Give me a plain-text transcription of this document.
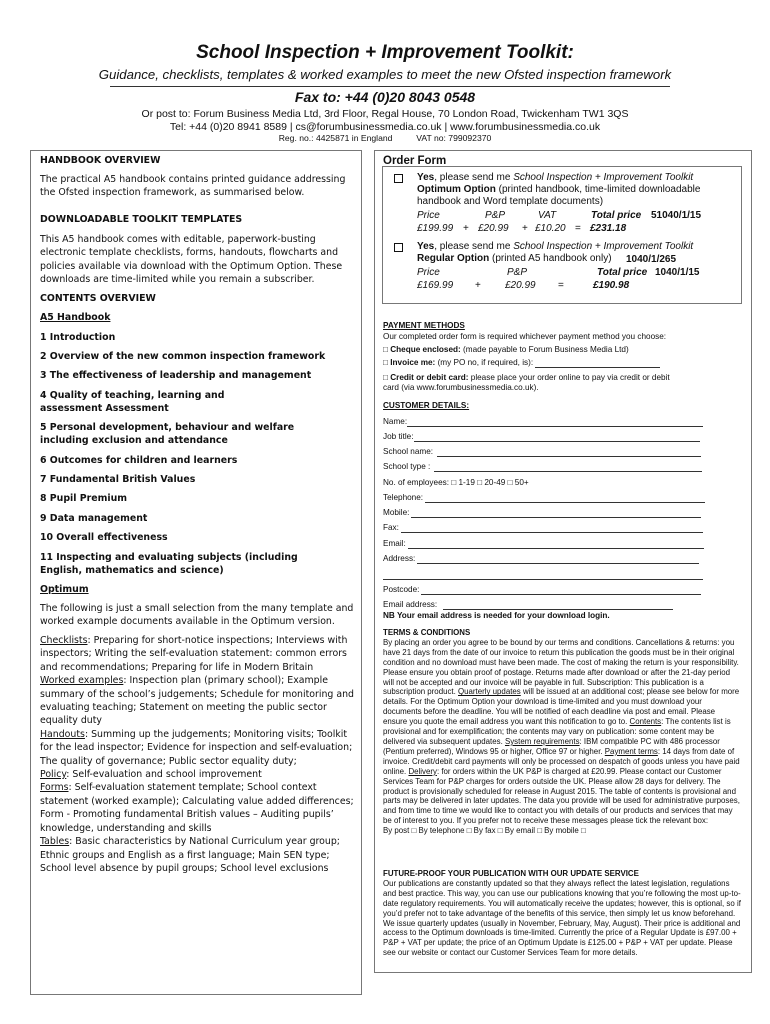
School Inspection + Improvement Toolkit:
Guidance, checklists, templates & worked examples to meet the new Ofsted inspection framework
Fax to: +44 (0)20 8043 0548
Or post to: Forum Business Media Ltd, 3rd Floor, Regal House, 70 London Road, Twickenham TW1 3QS
Tel: +44 (0)20 8941 8589 | cs@forumbusinessmedia.co.uk | www.forumbusinessmedia.co.uk
Reg. no.: 4425871 in England          VAT no: 799092370
HANDBOOK OVERVIEW
The practical A5 handbook contains printed guidance addressing the Ofsted inspection framework, as summarised below.
DOWNLOADABLE TOOLKIT TEMPLATES
This A5 handbook comes with editable, paperwork-busting electronic template checklists, forms, handouts, flowcharts and policies available via download with the Optimum Option. These downloads are time-limited while you remain a subscriber.
CONTENTS OVERVIEW
A5 Handbook
1 Introduction
2 Overview of the new common inspection framework
3 The effectiveness of leadership and management
4 Quality of teaching, learning and assessment Assessment
5 Personal development, behaviour and welfare including exclusion and attendance
6 Outcomes for children and learners
7 Fundamental British Values
8 Pupil Premium
9 Data management
10 Overall effectiveness
11 Inspecting and evaluating subjects (including English, mathematics and science)
Optimum
The following is just a small selection from the many template and worked example documents available in the Optimum version.

Checklists: Preparing for short-notice inspections; Interviews with inspectors; Writing the self-evaluation statement: common errors and recommendations; Preparing for life in Modern Britain

Worked examples: Inspection plan (primary school); Example summary of the school’s judgements; Schedule for monitoring and evaluating teaching; Statement on meeting the public sector equality duty

Handouts: Summing up the judgements; Monitoring visits; Toolkit for the lead inspector; Evidence for inspection and self-evaluation; The quality of governance; Public sector equality duty;

Policy: Self-evaluation and school improvement

Forms: Self-evaluation statement template; School context statement (worked example); Calculating value added differences; Form - Promoting fundamental British values – Auditing pupils’ knowledge, understanding and skills

Tables: Basic characteristics by National Curriculum year group; Ethnic groups and English as a first language; Main SEN type; School level absence by pupil groups; School level exclusions

Order Form
Yes, please send me School Inspection + Improvement Toolkit Optimum Option (printed handbook, time-limited downloadable handbook and Word template documents)
Price	P&P	VAT	Total price 51040/1/15
£199.99 + £20.99 + £10.20 = £231.18
Yes, please send me School Inspection + Improvement Toolkit Regular Option (printed A5 handbook only)	1040/1/265
Price	P&P	Total price 1040/1/15
£169.99 + £20.99 =	£190.98
PAYMENT METHODS
Our completed order form is required whichever payment method you choose:
□ Cheque enclosed: (made payable to Forum Business Media Ltd)
□ Invoice me: (my PO no, if required, is):
□ Credit or debit card: please place your order online to pay via credit or debit card (via www.forumbusinessmedia.co.uk).
CUSTOMER DETAILS:
Name:
Job title:
School name:
School type :
No. of employees: □ 1-19 □ 20-49 □ 50+
Telephone:
Mobile:
Fax:
Email:
Address:
Postcode:
Email address:
NB Your email address is needed for your download login.
TERMS & CONDITIONS
By placing an order you agree to be bound by our terms and conditions. Cancellations & returns: you have 21 days from the date of our invoice to return this publication the goods must be in their original condition and no download must have been made. The cost of making the return is your responsibility. Please ensure you obtain proof of postage. Returns made after download or after the 21-day period will not be accepted and our invoice will be payable in full. Subscription: This publication is a subscription product. Quarterly updates will be issued at an additional cost; please see below for more details. For the Optimum Option your download is time-limited and you must download your documents before the deadline. You will be notified of each deadline via post and email. Please ensure you quote the email address you want this notification to go to. Contents: The contents list is provisional and for exemplification; the contents may vary on publication: some content may be delivered via subsequent updates. System requirements: IBM compatible PC with 486 processor (Pentium preferred), Windows 95 or higher, Office 97 or higher. Payment terms: 14 days from date of invoice. Credit/debit card payments will only be processed on despatch of goods unless you have paid online. Delivery: for orders within the UK P&P is charged at £20.99. Please contact our Customer Services Team for P&P charges for orders outside the UK. Please allow 28 days for delivery. The product is provisionally scheduled for release in August 2015. The table of contents is provisional and parts may be delivered in later updates. The data you provide will be used for administrative purposes, and from time to time we would like to contact you with details of our products and services that may be of interest to you. If you prefer not to receive these messages please tick the relevant box:
By post □ By telephone □ By fax □ By email □ By mobile □
FUTURE-PROOF YOUR PUBLICATION WITH OUR UPDATE SERVICE
Our publications are constantly updated so that they always reflect the latest legislation, regulations and best practice. This way, you can use our publications knowing that you’re following the most up-to-date regulatory requirements. You will automatically receive the updates; however, this is optional, so if you’d prefer not to take advantage of the benefits of this service, then simply let us know beforehand. We issue quarterly updates (usually in November, February, May, August). Their price is additional and access to the Optimum downloads is time-limited. Currently the price of a Regular Update is £97.00 + P&P + VAT per update; the price of an Optimum Update is £125.00 + P&P + VAT per update. Please see our website or contact our Customer Services Team for more details.
